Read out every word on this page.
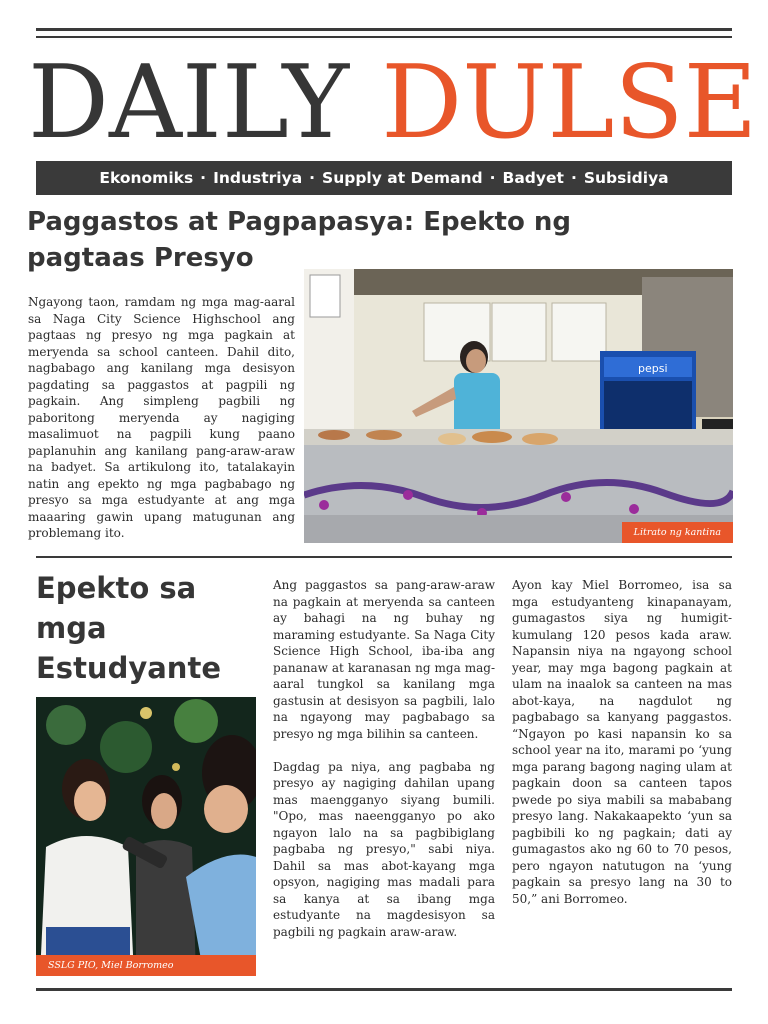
DAILY DULSE
Ekonomiks · Industriya · Supply at Demand · Badyet · Subsidiya
Paggastos at Pagpapasya: Epekto ng pagtaas Presyo

Ngayong taon, ramdam ng mga mag-aaral sa Naga City Science Highschool ang pagtaas ng presyo ng mga pagkain at meryenda sa school canteen. Dahil dito, nagbabago ang kanilang mga desisyon pagdating sa paggastos at pagpili ng pagkain. Ang simpleng pagbili ng paboritong meryenda ay nagiging masalimuot na pagpili kung paano paplanuhin ang kanilang pang-araw-araw na badyet. Sa artikulong ito, tatalakayin natin ang epekto ng mga pagbabago ng presyo sa mga estudyante at ang mga maaaring gawin upang matugunan ang problemang ito.

pepsi
Litrato ng kantina
Epekto sa mga Estudyante
SSLG PIO, Miel Borromeo

Ang paggastos sa pang-araw-araw na pagkain at meryenda sa canteen ay bahagi na ng buhay ng maraming estudyante. Sa Naga City Science High School, iba-iba ang pananaw at karanasan ng mga mag-aaral tungkol sa kanilang mga gastusin at desisyon sa pagbili, lalo na ngayong may pagbabago sa presyo ng mga bilihin sa canteen.

Dagdag pa niya, ang pagbaba ng presyo ay nagiging dahilan upang mas maengganyo siyang bumili. "Opo, mas naeengganyo po ako ngayon lalo na sa pagbibiglang pagbaba ng presyo," sabi niya. Dahil sa mas abot-kayang mga opsyon, nagiging mas madali para sa kanya at sa ibang mga estudyante na magdesisyon sa pagbili ng pagkain araw-araw.

Ayon kay Miel Borromeo, isa sa mga estudyanteng kinapanayam, gumagastos siya ng humigit-kumulang 120 pesos kada araw. Napansin niya na ngayong school year, may mga bagong pagkain at ulam na inaalok sa canteen na mas abot-kaya, na nagdulot ng pagbabago sa kanyang paggastos. “Ngayon po kasi napansin ko sa school year na ito, marami po ‘yung mga parang bagong naging ulam at pagkain doon sa canteen tapos pwede po siya mabili sa mababang presyo lang. Nakakaapekto ‘yun sa pagbibili ko ng pagkain; dati ay gumagastos ako ng 60 to 70 pesos, pero ngayon natutugon na ‘yung pagkain sa presyo lang na 30 to 50,” ani Borromeo.
